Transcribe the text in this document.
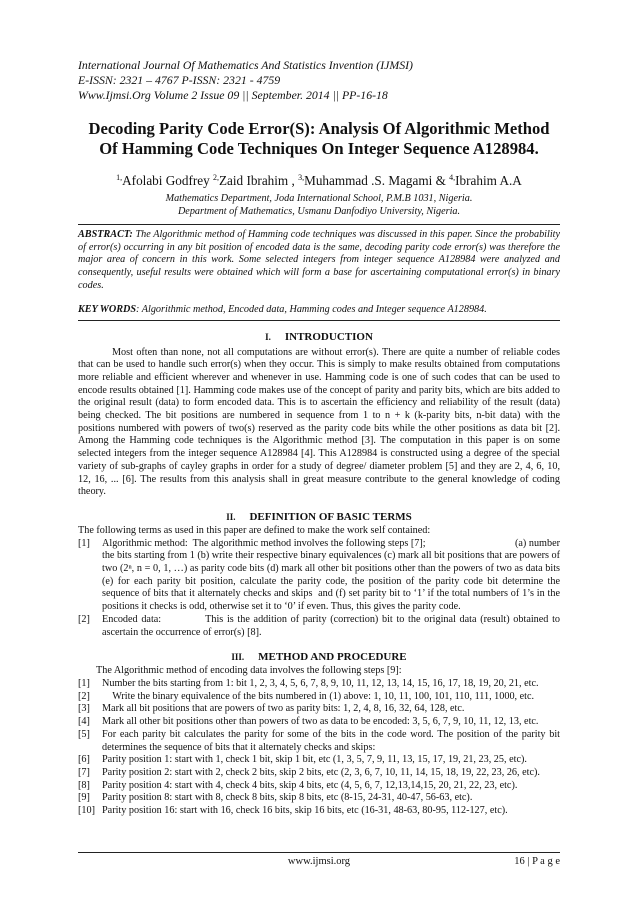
International Journal Of Mathematics And Statistics Invention (IJMSI)
E-ISSN: 2321 – 4767 P-ISSN: 2321 - 4759
Www.Ijmsi.Org Volume 2 Issue 09 || September. 2014 || PP-16-18
Decoding Parity Code Error(S): Analysis Of Algorithmic Method Of Hamming Code Techniques On Integer Sequence A128984.
$^{1,}$Afolabi Godfrey $^{2,}$Zaid Ibrahim , $^{3,}$Muhammad .S. Magami & $^{4,}$Ibrahim A.A
Mathematics Department, Joda International School, P.M.B 1031, Nigeria.
Department of Mathematics, Usmanu Danfodiyo University, Nigeria.
ABSTRACT: The Algorithmic method of Hamming code techniques was discussed in this paper. Since the probability of error(s) occurring in any bit position of encoded data is the same, decoding parity code error(s) was therefore the major area of concern in this work. Some selected integers from integer sequence A128984 were analyzed and consequently, useful results were obtained which will form a base for ascertaining computational error(s) in binary codes.
KEY WORDS: Algorithmic method, Encoded data, Hamming codes and Integer sequence A128984.
I. INTRODUCTION
Most often than none, not all computations are without error(s). There are quite a number of reliable codes that can be used to handle such error(s) when they occur. This is simply to make results obtained from computations more reliable and efficient wherever and whenever in use. Hamming code is one of such codes that can be used to encode results obtained [1]. Hamming code makes use of the concept of parity and parity bits, which are bits added to the original result (data) to form encoded data. This is to ascertain the efficiency and reliability of the result (data) being checked. The bit positions are numbered in sequence from 1 to n + k (k-parity bits, n-bit data) with the positions numbered with powers of two(s) reserved as the parity code bits while the other positions as data bit [2]. Among the Hamming code techniques is the Algorithmic method [3]. The computation in this paper is on some selected integers from the integer sequence A128984 [4]. This A128984 is constructed using a degree of the special variety of sub-graphs of cayley graphs in order for a study of degree/ diameter problem [5] and they are 2, 4, 6, 10, 12, 16, ... [6]. The results from this analysis shall in great measure contribute to the general knowledge of coding theory.
II. DEFINITION OF BASIC TERMS
The following terms as used in this paper are defined to make the work self contained:
[1]	Algorithmic method:  The algorithmic method involves the following steps [7];                                   (a) number the bits starting from 1 (b) write their respective binary equivalences (c) mark all bit positions that are powers of two (2ⁿ, n = 0, 1, …) as parity code bits (d) mark all other bit positions other than the powers of two as data bits (e) for each parity bit position, calculate the parity code, the position of the parity code bit determine the sequence of bits that it alternately checks and skips  and (f) set parity bit to ‘1’ if the total numbers of 1’s in the positions it checks is odd, otherwise set it to ‘0’ if even. Thus, this gives the parity code.
[2]	Encoded data:            This is the addition of parity (correction) bit to the original data (result) obtained to ascertain the occurrence of error(s) [8].
III. METHOD AND PROCEDURE
The Algorithmic method of encoding data involves the following steps [9]:
[1]	Number the bits starting from 1: bit 1, 2, 3, 4, 5, 6, 7, 8, 9, 10, 11, 12, 13, 14, 15, 16, 17, 18, 19, 20, 21, etc.
[2]	Write the binary equivalence of the bits numbered in (1) above: 1, 10, 11, 100, 101, 110, 111, 1000, etc.
[3]	Mark all bit positions that are powers of two as parity bits: 1, 2, 4, 8, 16, 32, 64, 128, etc.
[4]	Mark all other bit positions other than powers of two as data to be encoded: 3, 5, 6, 7, 9, 10, 11, 12, 13, etc.
[5]	For each parity bit calculates the parity for some of the bits in the code word. The position of the parity bit determines the sequence of bits that it alternately checks and skips:
[6]	Parity position 1: start with 1, check 1 bit, skip 1 bit, etc (1, 3, 5, 7, 9, 11, 13, 15, 17, 19, 21, 23, 25, etc).
[7]	Parity position 2: start with 2, check 2 bits, skip 2 bits, etc (2, 3, 6, 7, 10, 11, 14, 15, 18, 19, 22, 23, 26, etc).
[8]	Parity position 4: start with 4, check 4 bits, skip 4 bits, etc (4, 5, 6, 7, 12,13,14,15, 20, 21, 22, 23, etc).
[9]	Parity position 8: start with 8, check 8 bits, skip 8 bits, etc (8-15, 24-31, 40-47, 56-63, etc).
[10] Parity position 16: start with 16, check 16 bits, skip 16 bits, etc (16-31, 48-63, 80-95, 112-127, etc).
www.ijmsi.org	16 | P a g e
